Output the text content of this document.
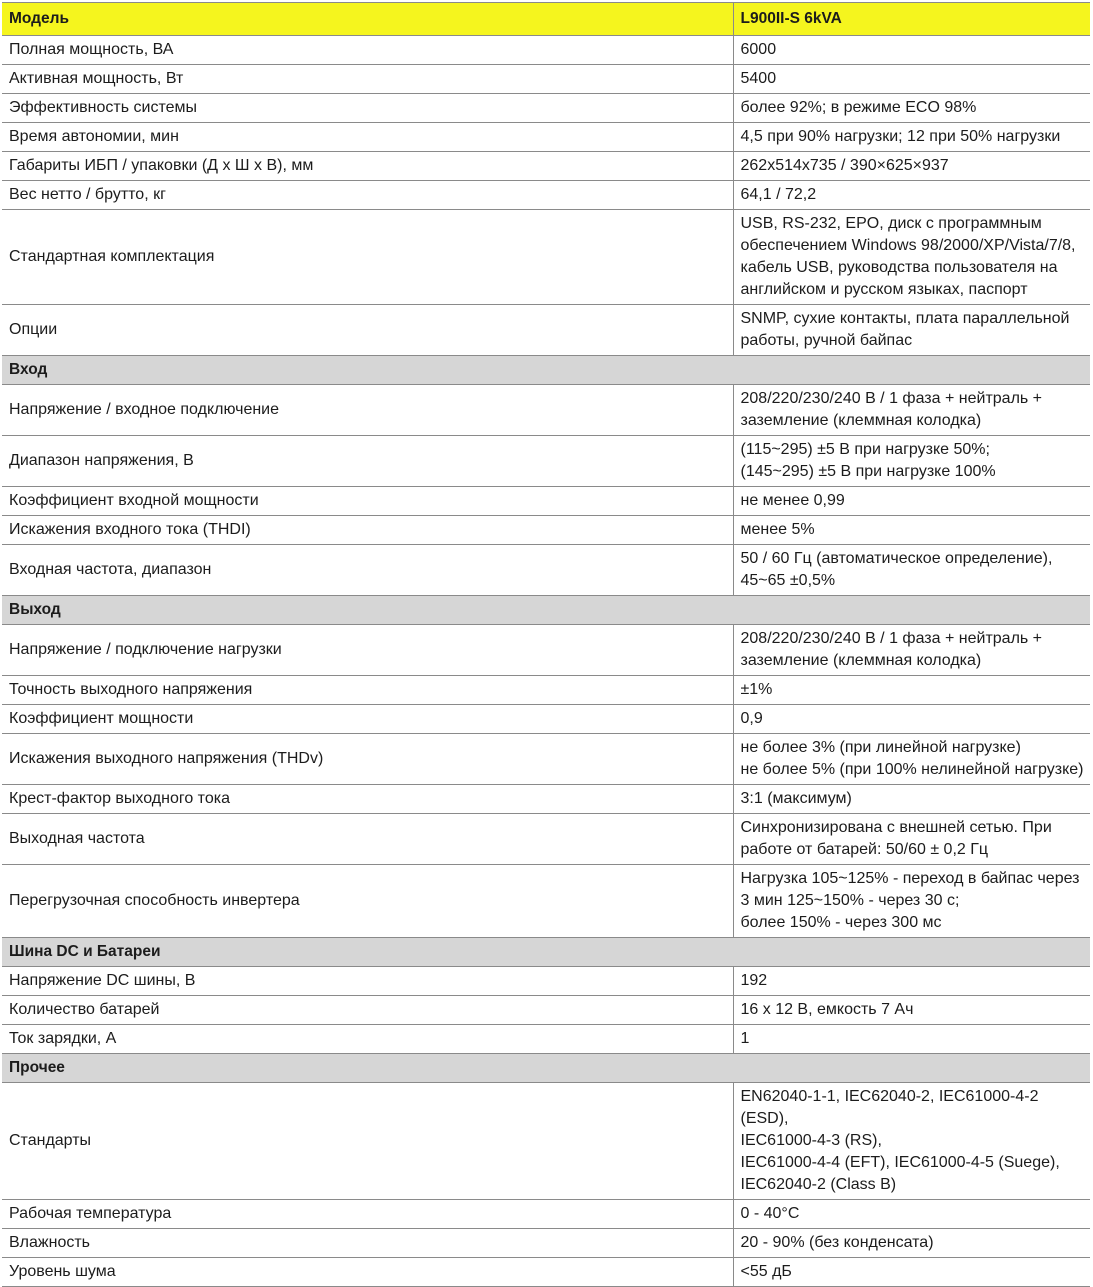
Модель	L900II-S 6kVA
Полная мощность, ВА	6000
Активная мощность, Вт	5400
Эффективность системы	более 92%; в режиме ECO 98%
Время автономии, мин	4,5 при 90% нагрузки; 12 при 50% нагрузки
Габариты ИБП / упаковки (Д х Ш х В), мм	262х514х735 / 390×625×937
Вес нетто / брутто, кг	64,1 / 72,2
Стандартная комплектация	USB, RS-232, EPO, диск с программным
обеспечением Windows 98/2000/XP/Vista/7/8,
кабель USB, руководства пользователя на
английском и русском языках, паспорт
Опции	SNMP, сухие контакты, плата параллельной
работы, ручной байпас
Вход	
Напряжение / входное подключение	208/220/230/240 В / 1 фаза + нейтраль +
заземление (клеммная колодка)
Диапазон напряжения, В	(115~295) ±5 В при нагрузке 50%;
(145~295) ±5 В при нагрузке 100%
Коэффициент входной мощности	не менее 0,99
Искажения входного тока (THDI)	менее 5%
Входная частота, диапазон	50 / 60 Гц (автоматическое определение),
45~65 ±0,5%
Выход	
Напряжение / подключение нагрузки	208/220/230/240 В / 1 фаза + нейтраль +
заземление (клеммная колодка)
Точность выходного напряжения	±1%
Коэффициент мощности	0,9
Искажения выходного напряжения (THDv)	не более 3% (при линейной нагрузке)
не более 5% (при 100% нелинейной нагрузке)
Крест-фактор выходного тока	3:1 (максимум)
Выходная частота	Синхронизирована с внешней сетью. При
работе от батарей: 50/60 ± 0,2 Гц
Перегрузочная способность инвертера	Нагрузка 105~125% - переход в байпас через
3 мин 125~150% - через 30 с;
более 150% - через 300 мс
Шина DC и Батареи	
Напряжение DC шины, В	192
Количество батарей	16 х 12 В, емкость 7 Ач
Ток зарядки, А	1
Прочее	
Стандарты	EN62040-1-1, IEC62040-2, IEC61000-4-2 (ESD),
IEC61000-4-3 (RS),
IEC61000-4-4 (EFT), IEC61000-4-5 (Suege),
IEC62040-2 (Class B)
Рабочая температура	0 - 40°C
Влажность	20 - 90% (без конденсата)
Уровень шума	<55 дБ
